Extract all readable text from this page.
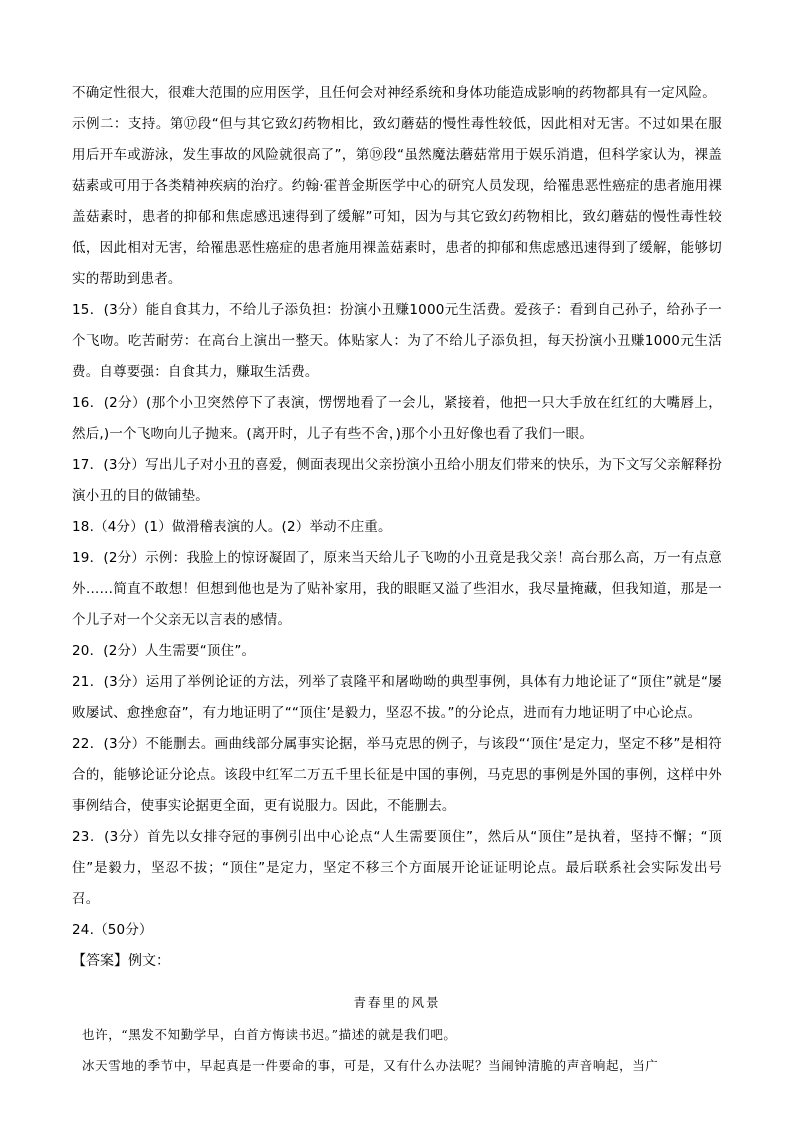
不确定性很大，很难大范围的应用医学，且任何会对神经系统和身体功能造成影响的药物都具有一定风险。

示例二：支持。第⑰段“但与其它致幻药物相比，致幻蘑菇的慢性毒性较低，因此相对无害。不过如果在服用后开车或游泳，发生事故的风险就很高了”，第⑲段“虽然魔法蘑菇常用于娱乐消遣，但科学家认为，裸盖菇素或可用于各类精神疾病的治疗。约翰·霍普金斯医学中心的研究人员发现，给罹患恶性癌症的患者施用裸盖菇素时，患者的抑郁和焦虑感迅速得到了缓解”可知，因为与其它致幻药物相比，致幻蘑菇的慢性毒性较低，因此相对无害，给罹患恶性癌症的患者施用裸盖菇素时，患者的抑郁和焦虑感迅速得到了缓解，能够切实的帮助到患者。

15．(3分）能自食其力，不给儿子添负担：扮演小丑赚1000元生活费。爱孩子：看到自己孙子，给孙子一个飞吻。吃苦耐劳：在高台上演出一整天。体贴家人：为了不给儿子添负担，每天扮演小丑赚1000元生活费。自尊要强：自食其力，赚取生活费。

16．(2分）(那个小卫突然停下了表演，愣愣地看了一会儿，紧接着，他把一只大手放在红红的大嘴唇上，然后,)一个飞吻向儿子抛来。(离开时，儿子有些不舍，)那个小丑好像也看了我们一眼。

17．(3分）写出儿子对小丑的喜爱，侧面表现出父亲扮演小丑给小朋友们带来的快乐，为下文写父亲解释扮演小丑的目的做铺垫。

18.（4分）(1）做滑稽表演的人。(2）举动不庄重。

19．(2分）示例：我脸上的惊讶凝固了，原来当天给儿子飞吻的小丑竟是我父亲！高台那么高，万一有点意外……简直不敢想！但想到他也是为了贴补家用，我的眼眶又溢了些泪水，我尽量掩藏，但我知道，那是一个儿子对一个父亲无以言表的感情。

20．(2分）人生需要“顶住”。

21．(3分）运用了举例论证的方法，列举了袁隆平和屠呦呦的典型事例，具体有力地论证了“顶住”就是“屡败屡试、愈挫愈奋”，有力地证明了““顶住’是毅力，坚忍不拔。”的分论点，进而有力地证明了中心论点。

22．(3分）不能删去。画曲线部分属事实论据，举马克思的例子，与该段“‘顶住’是定力，坚定不移”是相符合的，能够论证分论点。该段中红军二万五千里长征是中国的事例，马克思的事例是外国的事例，这样中外事例结合，使事实论据更全面，更有说服力。因此，不能删去。

23．(3分）首先以女排夺冠的事例引出中心论点“人生需要顶住”，然后从“顶住”是执着，坚持不懈；“顶住”是毅力，坚忍不拔；“顶住”是定力，坚定不移三个方面展开论证证明论点。最后联系社会实际发出号召。

24.（50分）

【答案】例文：

青春里的风景

也许，“黑发不知勤学早，白首方悔读书迟。”描述的就是我们吧。

冰天雪地的季节中，早起真是一件要命的事，可是，又有什么办法呢？当闹钟清脆的声音响起，当广
